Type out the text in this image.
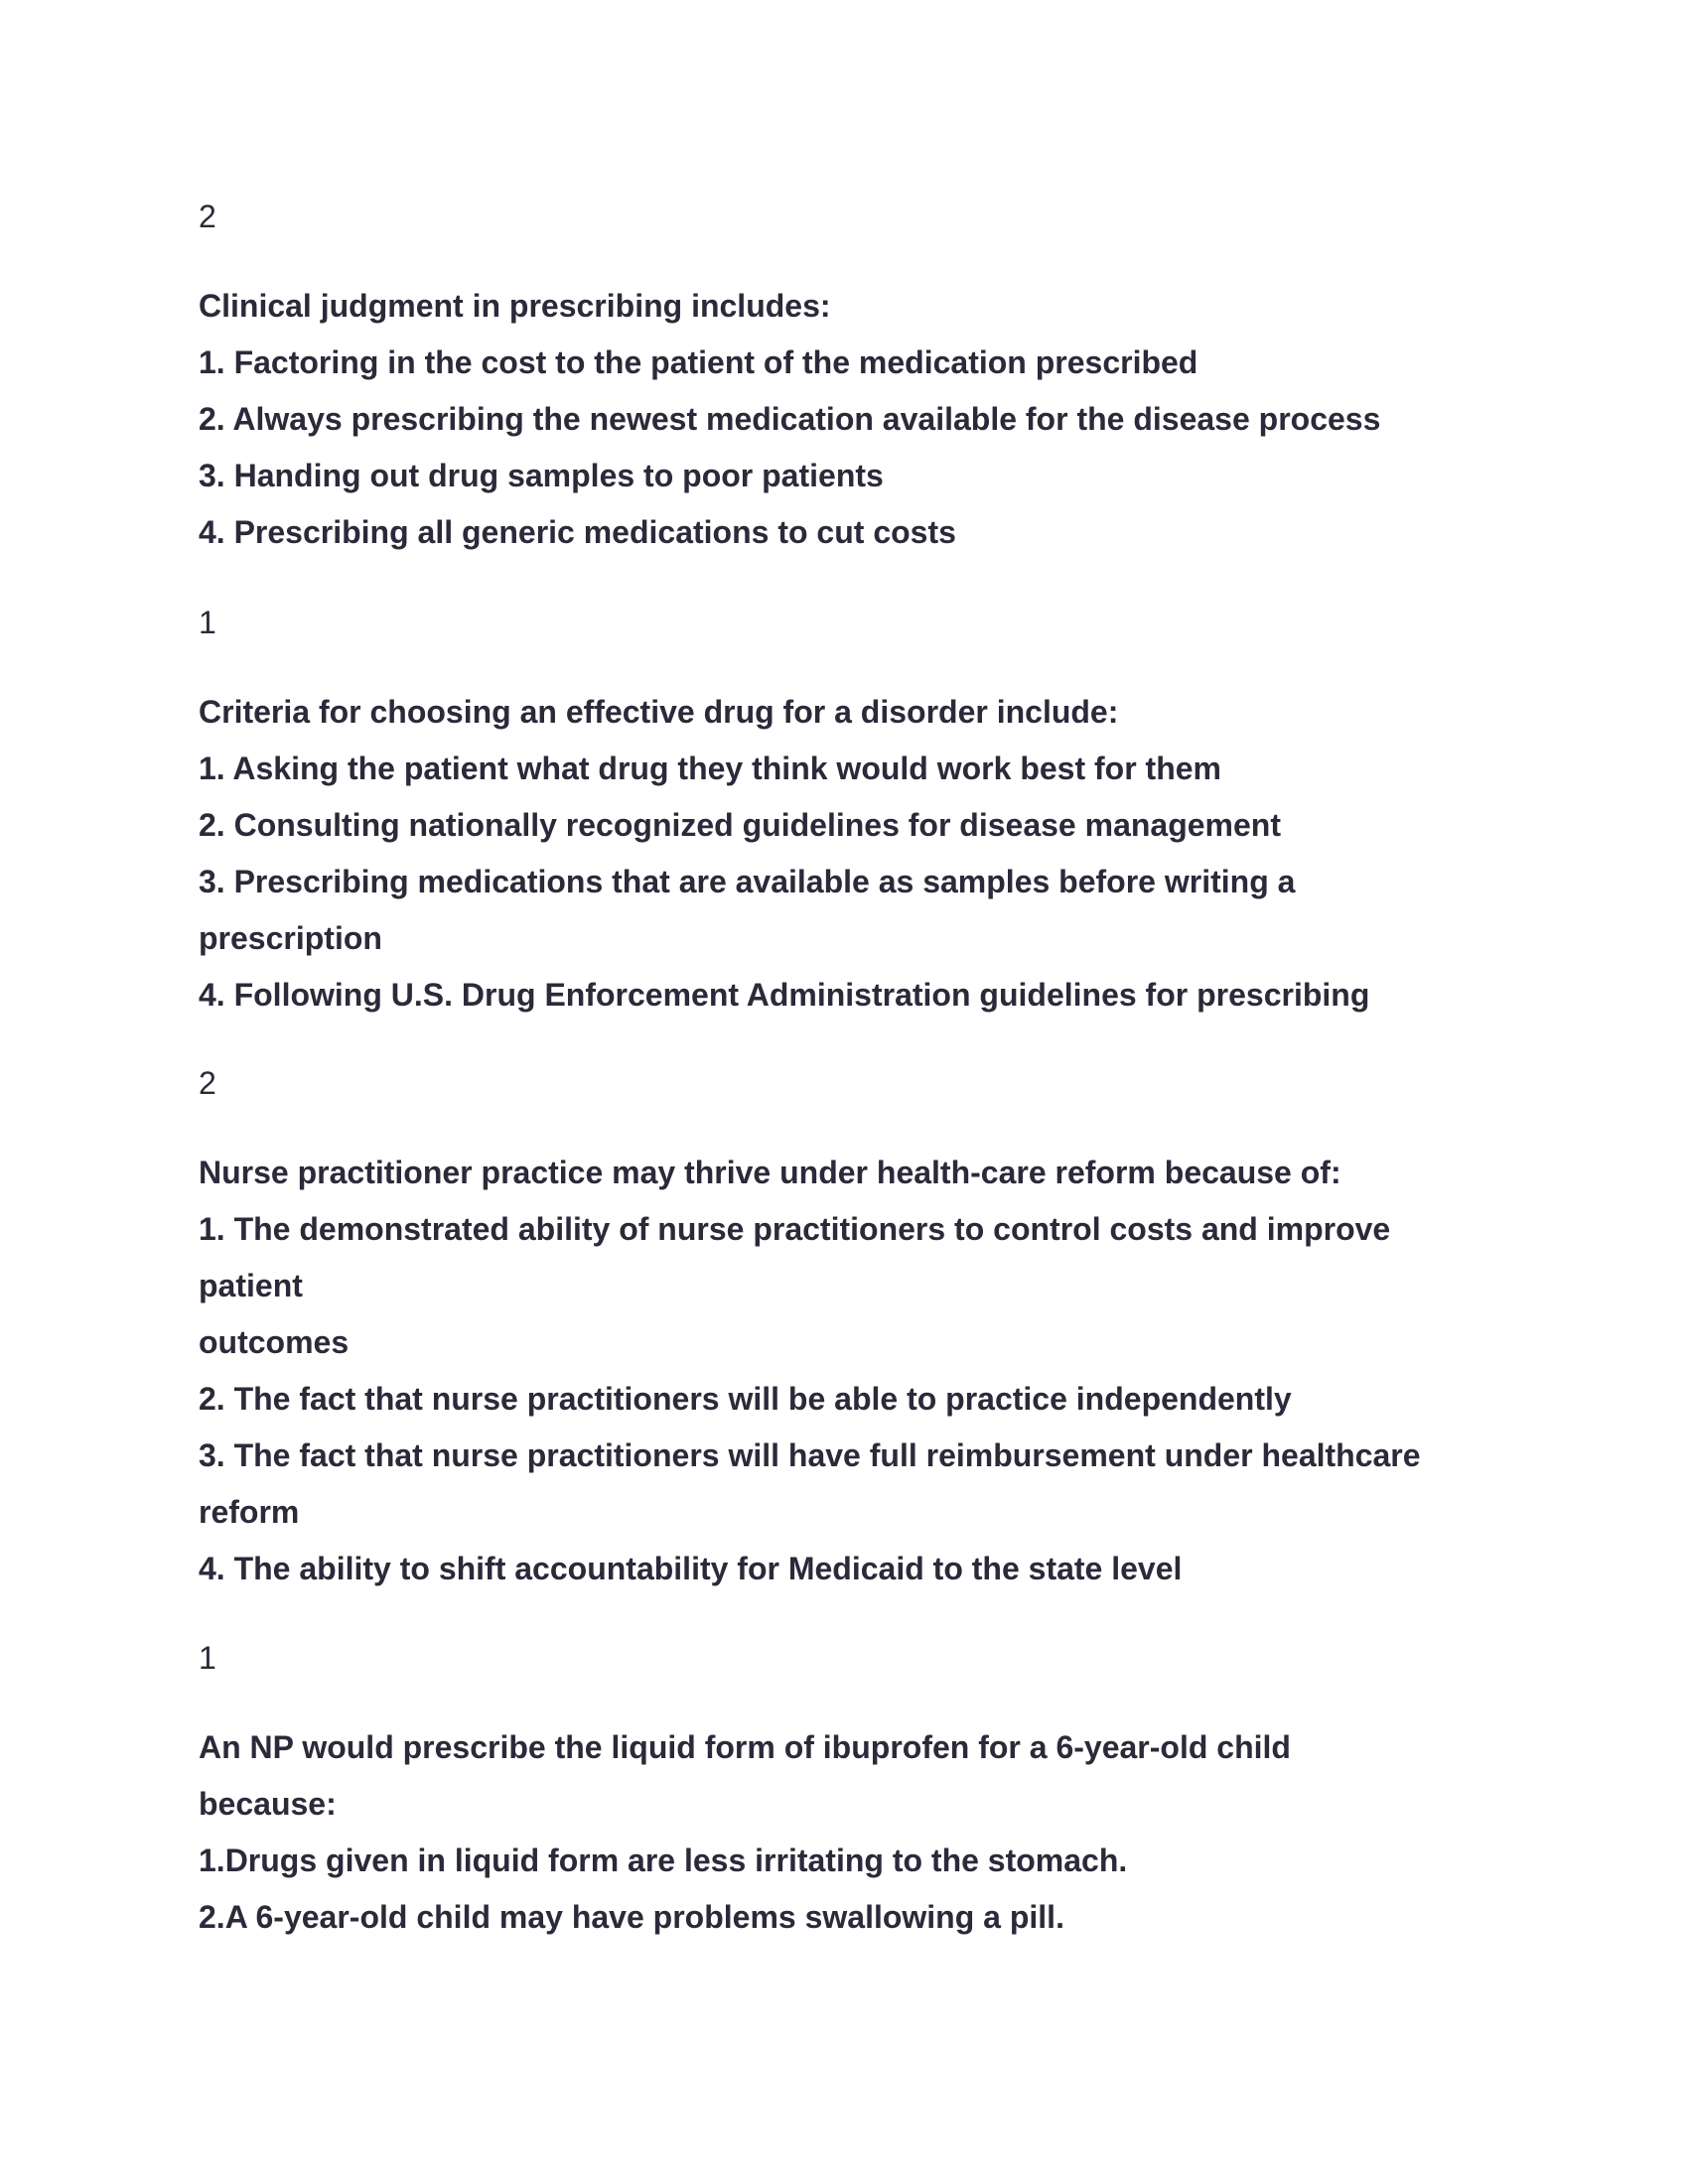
2
Clinical judgment in prescribing includes:
1. Factoring in the cost to the patient of the medication prescribed
2. Always prescribing the newest medication available for the disease process
3. Handing out drug samples to poor patients
4. Prescribing all generic medications to cut costs
1
Criteria for choosing an effective drug for a disorder include:
1. Asking the patient what drug they think would work best for them
2. Consulting nationally recognized guidelines for disease management
3. Prescribing medications that are available as samples before writing a
prescription
4. Following U.S. Drug Enforcement Administration guidelines for prescribing
2
Nurse practitioner practice may thrive under health-care reform because of:
1. The demonstrated ability of nurse practitioners to control costs and improve
patient
outcomes
2. The fact that nurse practitioners will be able to practice independently
3. The fact that nurse practitioners will have full reimbursement under healthcare
reform
4. The ability to shift accountability for Medicaid to the state level
1
An NP would prescribe the liquid form of ibuprofen for a 6-year-old child
because:
1.Drugs given in liquid form are less irritating to the stomach.
2.A 6-year-old child may have problems swallowing a pill.
